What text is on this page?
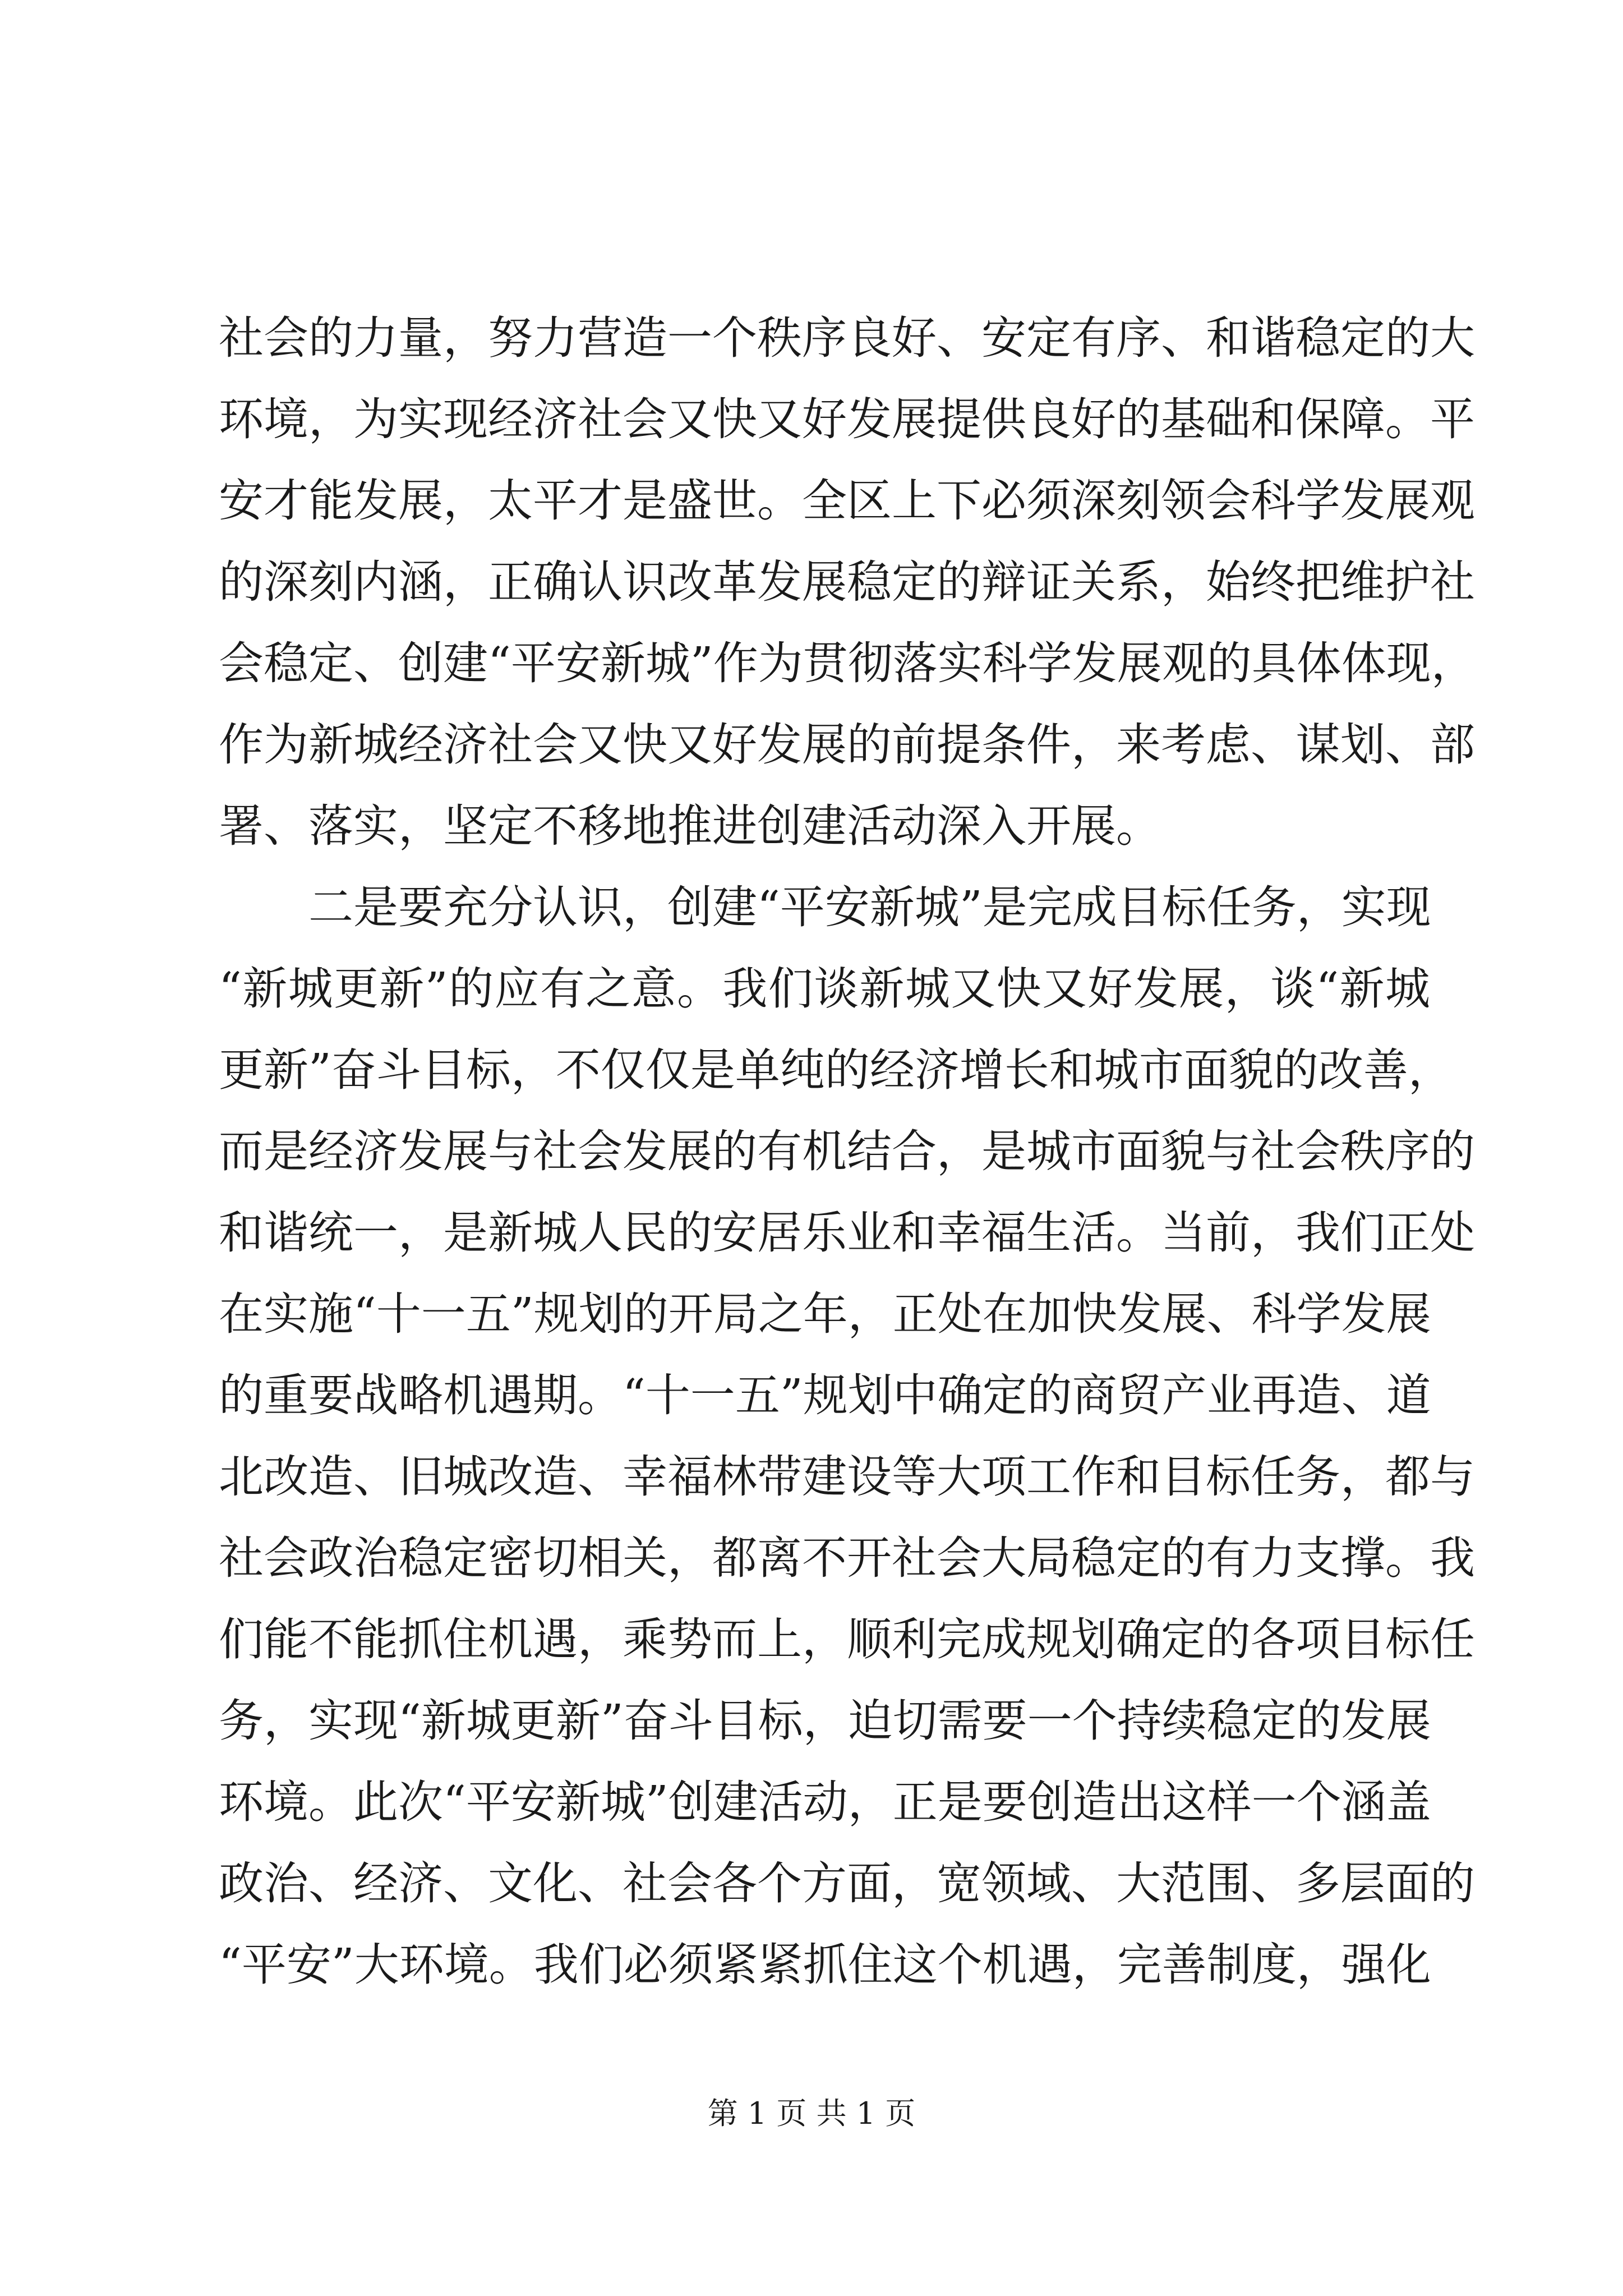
社会的力量，努力营造一个秩序良好、安定有序、和谐稳定的大
环境，为实现经济社会又快又好发展提供良好的基础和保障。平
安才能发展，太平才是盛世。全区上下必须深刻领会科学发展观
的深刻内涵，正确认识改革发展稳定的辩证关系，始终把维护社
会稳定、创建“平安新城”作为贯彻落实科学发展观的具体体现，
作为新城经济社会又快又好发展的前提条件，来考虑、谋划、部
署、落实，坚定不移地推进创建活动深入开展。
　　二是要充分认识，创建“平安新城”是完成目标任务，实现
“新城更新”的应有之意。我们谈新城又快又好发展，谈“新城
更新”奋斗目标，不仅仅是单纯的经济增长和城市面貌的改善，
而是经济发展与社会发展的有机结合，是城市面貌与社会秩序的
和谐统一，是新城人民的安居乐业和幸福生活。当前，我们正处
在实施“十一五”规划的开局之年，正处在加快发展、科学发展
的重要战略机遇期。“十一五”规划中确定的商贸产业再造、道
北改造、旧城改造、幸福林带建设等大项工作和目标任务，都与
社会政治稳定密切相关，都离不开社会大局稳定的有力支撑。我
们能不能抓住机遇，乘势而上，顺利完成规划确定的各项目标任
务，实现“新城更新”奋斗目标，迫切需要一个持续稳定的发展
环境。此次“平安新城”创建活动，正是要创造出这样一个涵盖
政治、经济、文化、社会各个方面，宽领域、大范围、多层面的
“平安”大环境。我们必须紧紧抓住这个机遇，完善制度，强化
第 1 页 共 1 页
